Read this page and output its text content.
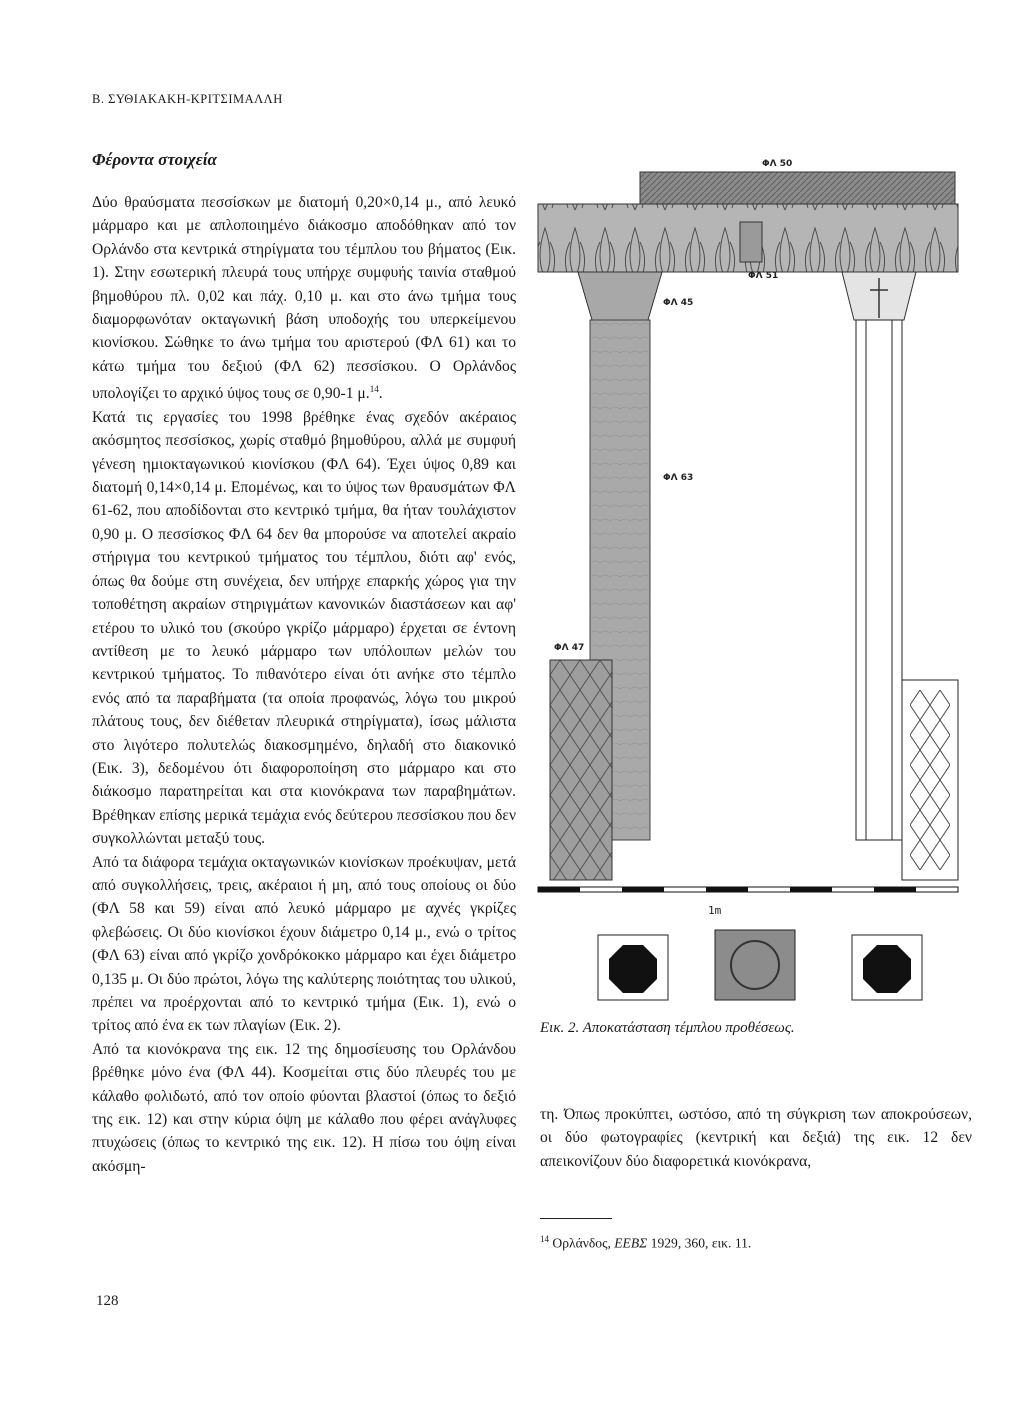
Β. ΣΥΘΙΑΚΑΚΗ-ΚΡΙΤΣΙΜΑΛΛΗ
Φέροντα στοιχεία

Δύο θραύσματα πεσσίσκων με διατομή 0,20×0,14 μ., από λευκό μάρμαρο και με απλοποιημένο διάκοσμο αποδόθηκαν από τον Ορλάνδο στα κεντρικά στηρίγματα του τέμπλου του βήματος (Εικ. 1). Στην εσωτερική πλευρά τους υπήρχε συμφυής ταινία σταθμού βημοθύρου πλ. 0,02 και πάχ. 0,10 μ. και στο άνω τμήμα τους διαμορφωνόταν οκταγωνική βάση υποδοχής του υπερκείμενου κιονίσκου. Σώθηκε το άνω τμήμα του αριστερού (ΦΛ 61) και το κάτω τμήμα του δεξιού (ΦΛ 62) πεσσίσκου. Ο Ορλάνδος υπολογίζει το αρχικό ύψος τους σε 0,90-1 μ.$^{14}$.

Κατά τις εργασίες του 1998 βρέθηκε ένας σχεδόν ακέραιος ακόσμητος πεσσίσκος, χωρίς σταθμό βημοθύρου, αλλά με συμφυή γένεση ημιοκταγωνικού κιονίσκου (ΦΛ 64). Έχει ύψος 0,89 και διατομή 0,14×0,14 μ. Επομένως, και το ύψος των θραυσμάτων ΦΛ 61-62, που αποδίδονται στο κεντρικό τμήμα, θα ήταν τουλάχιστον 0,90 μ. Ο πεσσίσκος ΦΛ 64 δεν θα μπορούσε να αποτελεί ακραίο στήριγμα του κεντρικού τμήματος του τέμπλου, διότι αφ' ενός, όπως θα δούμε στη συνέχεια, δεν υπήρχε επαρκής χώρος για την τοποθέτηση ακραίων στηριγμάτων κανονικών διαστάσεων και αφ' ετέρου το υλικό του (σκούρο γκρίζο μάρμαρο) έρχεται σε έντονη αντίθεση με το λευκό μάρμαρο των υπόλοιπων μελών του κεντρικού τμήματος. Το πιθανότερο είναι ότι ανήκε στο τέμπλο ενός από τα παραβήματα (τα οποία προφανώς, λόγω του μικρού πλάτους τους, δεν διέθεταν πλευρικά στηρίγματα), ίσως μάλιστα στο λιγότερο πολυτελώς διακοσμημένο, δηλαδή στο διακονικό (Εικ. 3), δεδομένου ότι διαφοροποίηση στο μάρμαρο και στο διάκοσμο παρατηρείται και στα κιονόκρανα των παραβημάτων. Βρέθηκαν επίσης μερικά τεμάχια ενός δεύτερου πεσσίσκου που δεν συγκολλώνται μεταξύ τους.

Από τα διάφορα τεμάχια οκταγωνικών κιονίσκων προέκυψαν, μετά από συγκολλήσεις, τρεις, ακέραιοι ή μη, από τους οποίους οι δύο (ΦΛ 58 και 59) είναι από λευκό μάρμαρο με αχνές γκρίζες φλεβώσεις. Οι δύο κιονίσκοι έχουν διάμετρο 0,14 μ., ενώ ο τρίτος (ΦΛ 63) είναι από γκρίζο χονδρόκοκκο μάρμαρο και έχει διάμετρο 0,135 μ. Οι δύο πρώτοι, λόγω της καλύτερης ποιότητας του υλικού, πρέπει να προέρχονται από το κεντρικό τμήμα (Εικ. 1), ενώ ο τρίτος από ένα εκ των πλαγίων (Εικ. 2).

Από τα κιονόκρανα της εικ. 12 της δημοσίευσης του Ορλάνδου βρέθηκε μόνο ένα (ΦΛ 44). Κοσμείται στις δύο πλευρές του με κάλαθο φολιδωτό, από τον οποίο φύονται βλαστοί (όπως το δεξιό της εικ. 12) και στην κύρια όψη με κάλαθο που φέρει ανάγλυφες πτυχώσεις (όπως το κεντρικό της εικ. 12). Η πίσω του όψη είναι ακόσμη-

1m
ΦΛ 50
ΦΛ 51
ΦΛ 45
ΦΛ 63
ΦΛ 47
Εικ. 2. Αποκατάσταση τέμπλου προθέσεως.

τη. Όπως προκύπτει, ωστόσο, από τη σύγκριση των αποκρούσεων, οι δύο φωτογραφίες (κεντρική και δεξιά) της εικ. 12 δεν απεικονίζουν δύο διαφορετικά κιονόκρανα,

$^{14}$ Ορλάνδος, ΕΕΒΣ 1929, 360, εικ. 11.
128
